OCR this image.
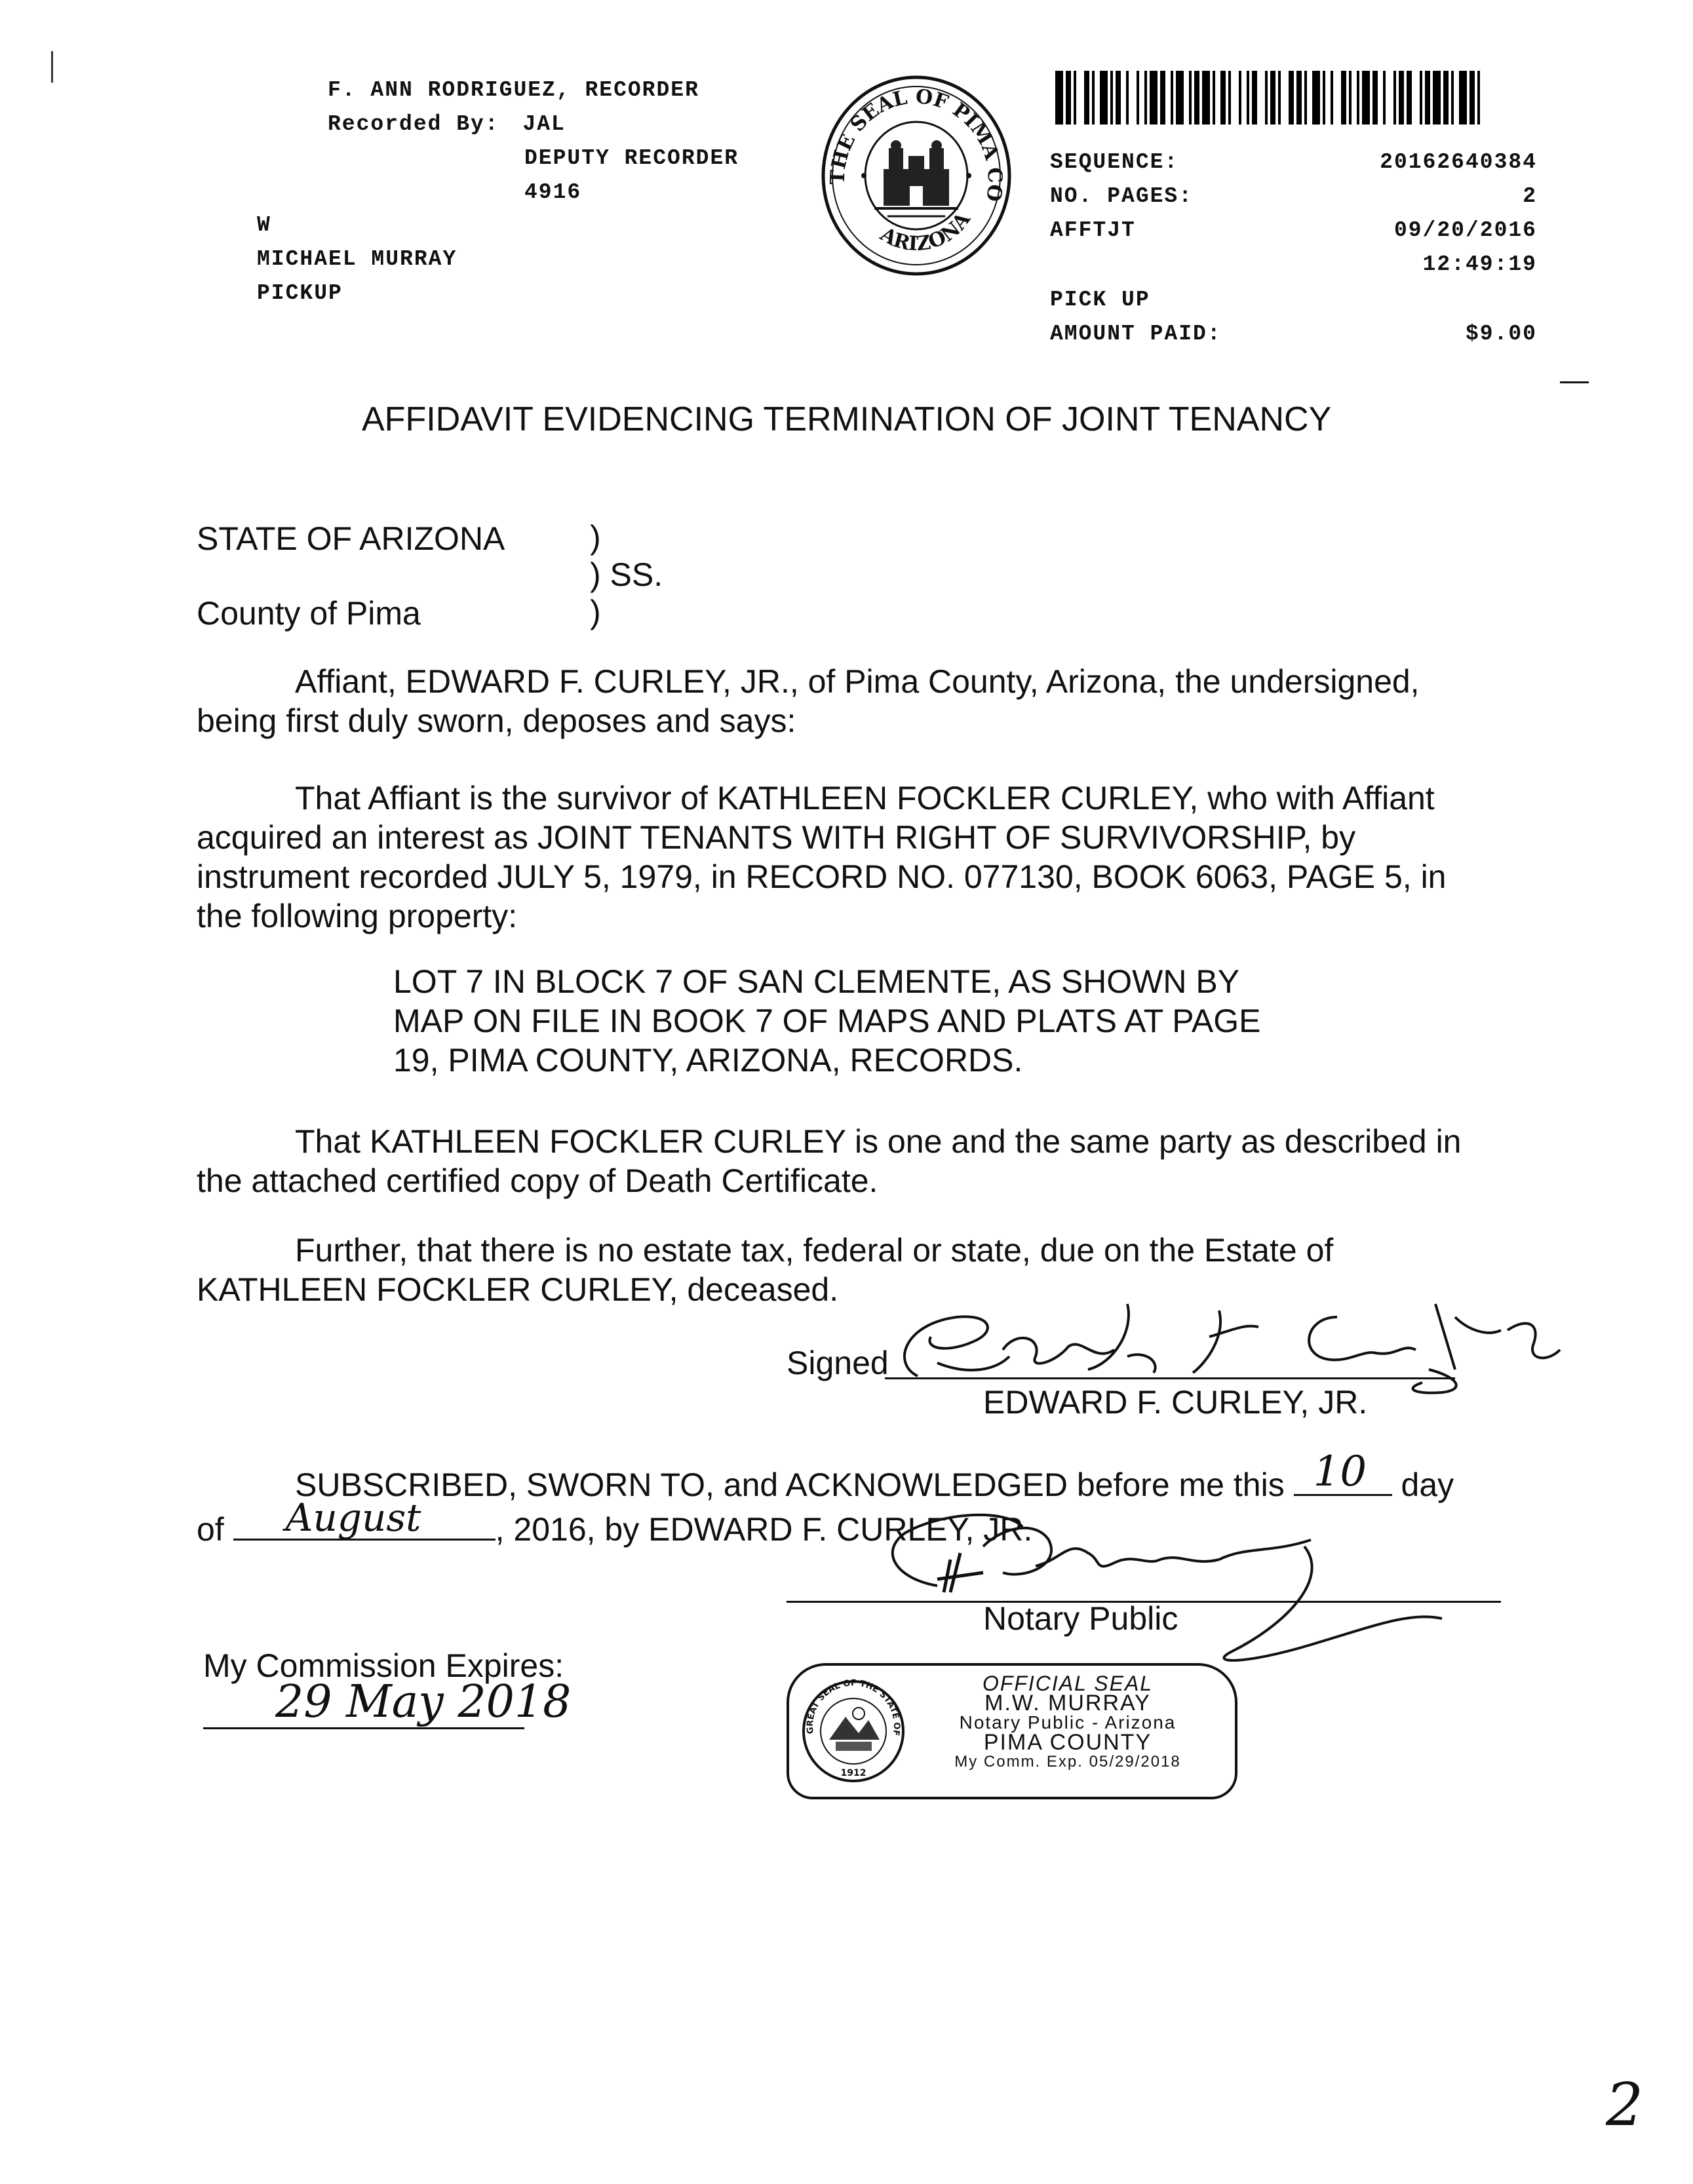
F. ANN RODRIGUEZ, RECORDER
Recorded By: JAL
DEPUTY RECORDER
4916
W
MICHAEL MURRAY
PICKUP
THE SEAL OF PIMA CO
ARIZONA
SEQUENCE:
NO. PAGES:
AFFTJT
20162640384
2
09/20/2016
12:49:19
PICK UP
AMOUNT PAID:	$9.00
AFFIDAVIT EVIDENCING TERMINATION OF JOINT TENANCY
STATE OF ARIZONA
County of Pima
)
) SS.
)
Affiant, EDWARD F. CURLEY, JR., of Pima County, Arizona, the undersigned,
being first duly sworn, deposes and says:
That Affiant is the survivor of KATHLEEN FOCKLER CURLEY, who with Affiant
acquired an interest as JOINT TENANTS WITH RIGHT OF SURVIVORSHIP, by
instrument recorded JULY 5, 1979, in RECORD NO. 077130, BOOK 6063, PAGE 5, in
the following property:
LOT 7 IN BLOCK 7 OF SAN CLEMENTE, AS SHOWN BY
MAP ON FILE IN BOOK 7 OF MAPS AND PLATS AT PAGE
19, PIMA COUNTY, ARIZONA, RECORDS.
That KATHLEEN FOCKLER CURLEY is one and the same party as described in
the attached certified copy of Death Certificate.
Further, that there is no estate tax, federal or state, due on the Estate of
KATHLEEN FOCKLER CURLEY, deceased.
Signed
EDWARD F. CURLEY, JR.
SUBSCRIBED, SWORN TO, and ACKNOWLEDGED before me this 10 day
of August , 2016, by EDWARD F. CURLEY, JR.
Notary Public
My Commission Expires:
29 May 2018
GREAT SEAL OF THE STATE OF
1912
OFFICIAL SEAL
M.W. MURRAY
Notary Public - Arizona
PIMA COUNTY
My Comm. Exp. 05/29/2018
2
